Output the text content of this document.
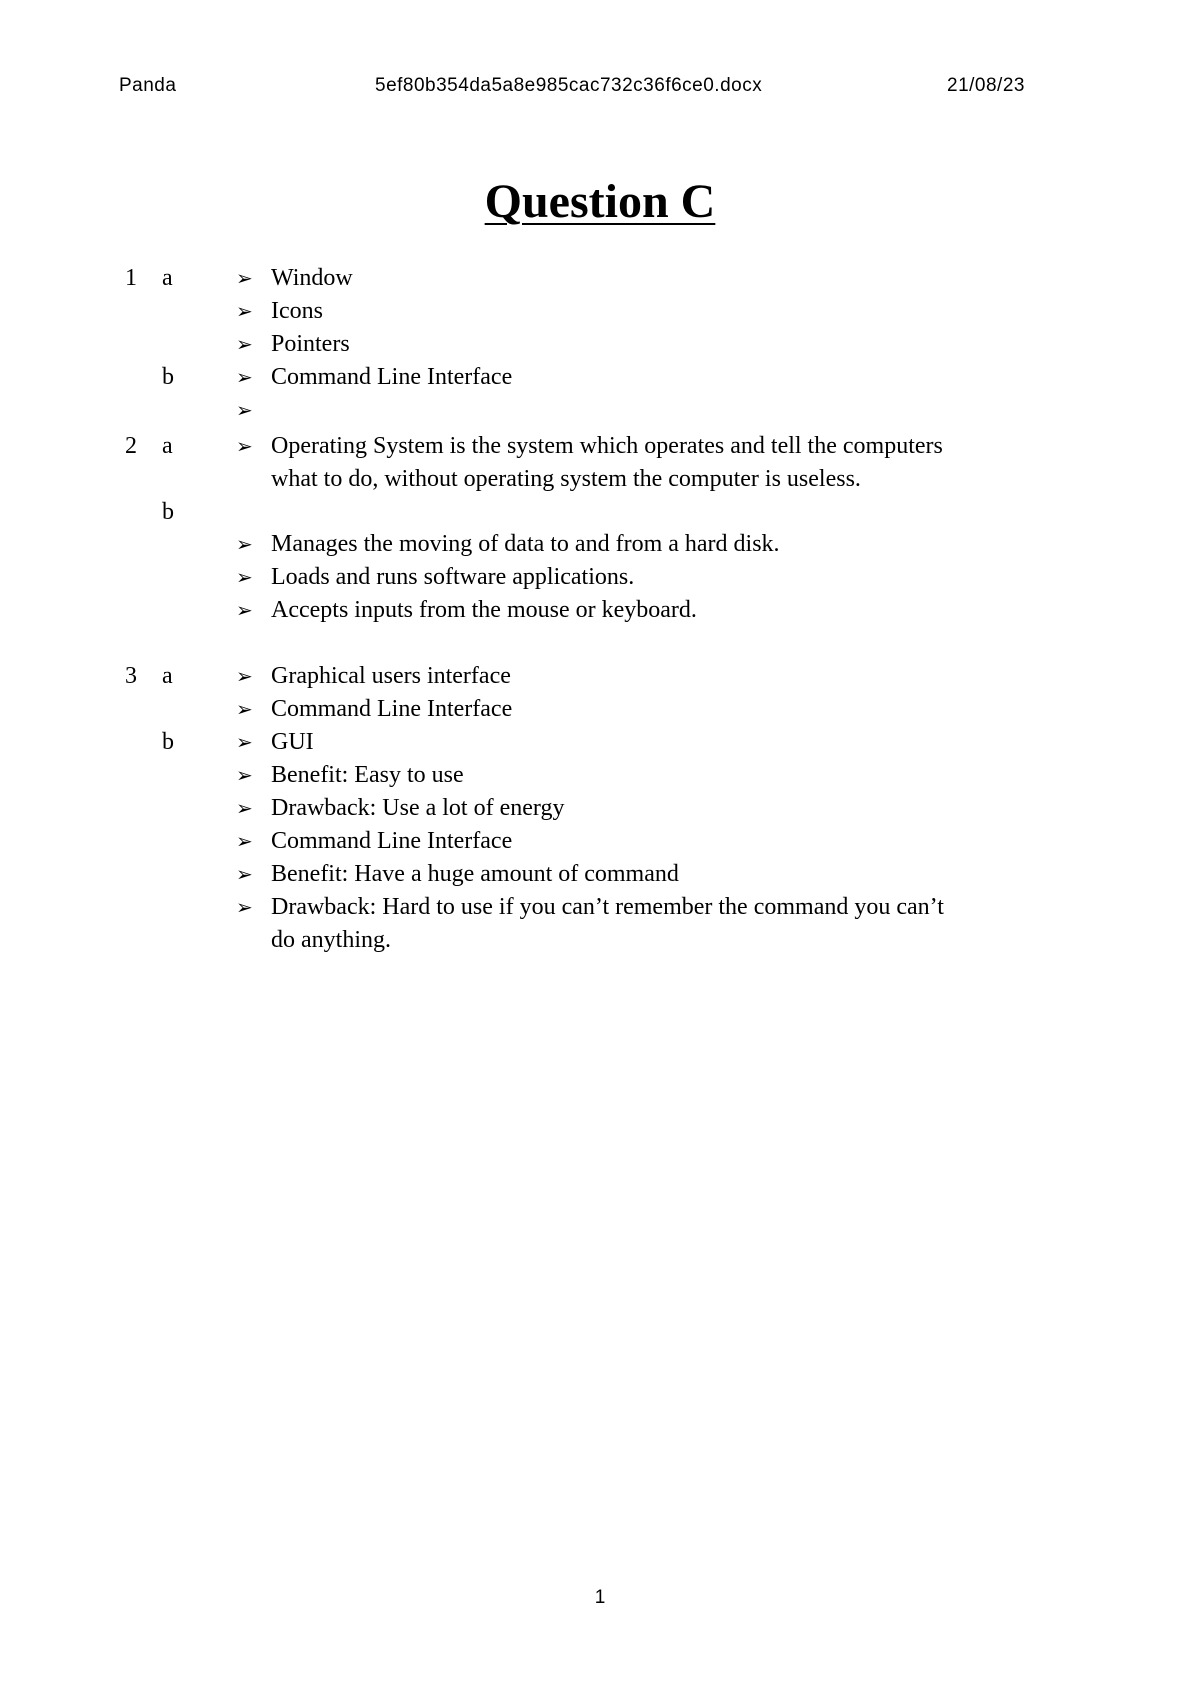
Panda	5ef80b354da5a8e985cac732c36f6ce0.docx	21/08/23
Question C
1	a	➢ Window
➢ Icons
➢ Pointers
b	➢ Command Line Interface
➢
2	a	➢ Operating System is the system which operates and tell the computers
what to do, without operating system the computer is useless.
b
➢ Manages the moving of data to and from a hard disk.
➢ Loads and runs software applications.
➢ Accepts inputs from the mouse or keyboard.
3	a	➢ Graphical users interface
➢ Command Line Interface
b	➢ GUI
➢ Benefit: Easy to use
➢ Drawback: Use a lot of energy
➢ Command Line Interface
➢ Benefit: Have a huge amount of command
➢ Drawback: Hard to use if you can’t remember the command you can’t
do anything.
1
